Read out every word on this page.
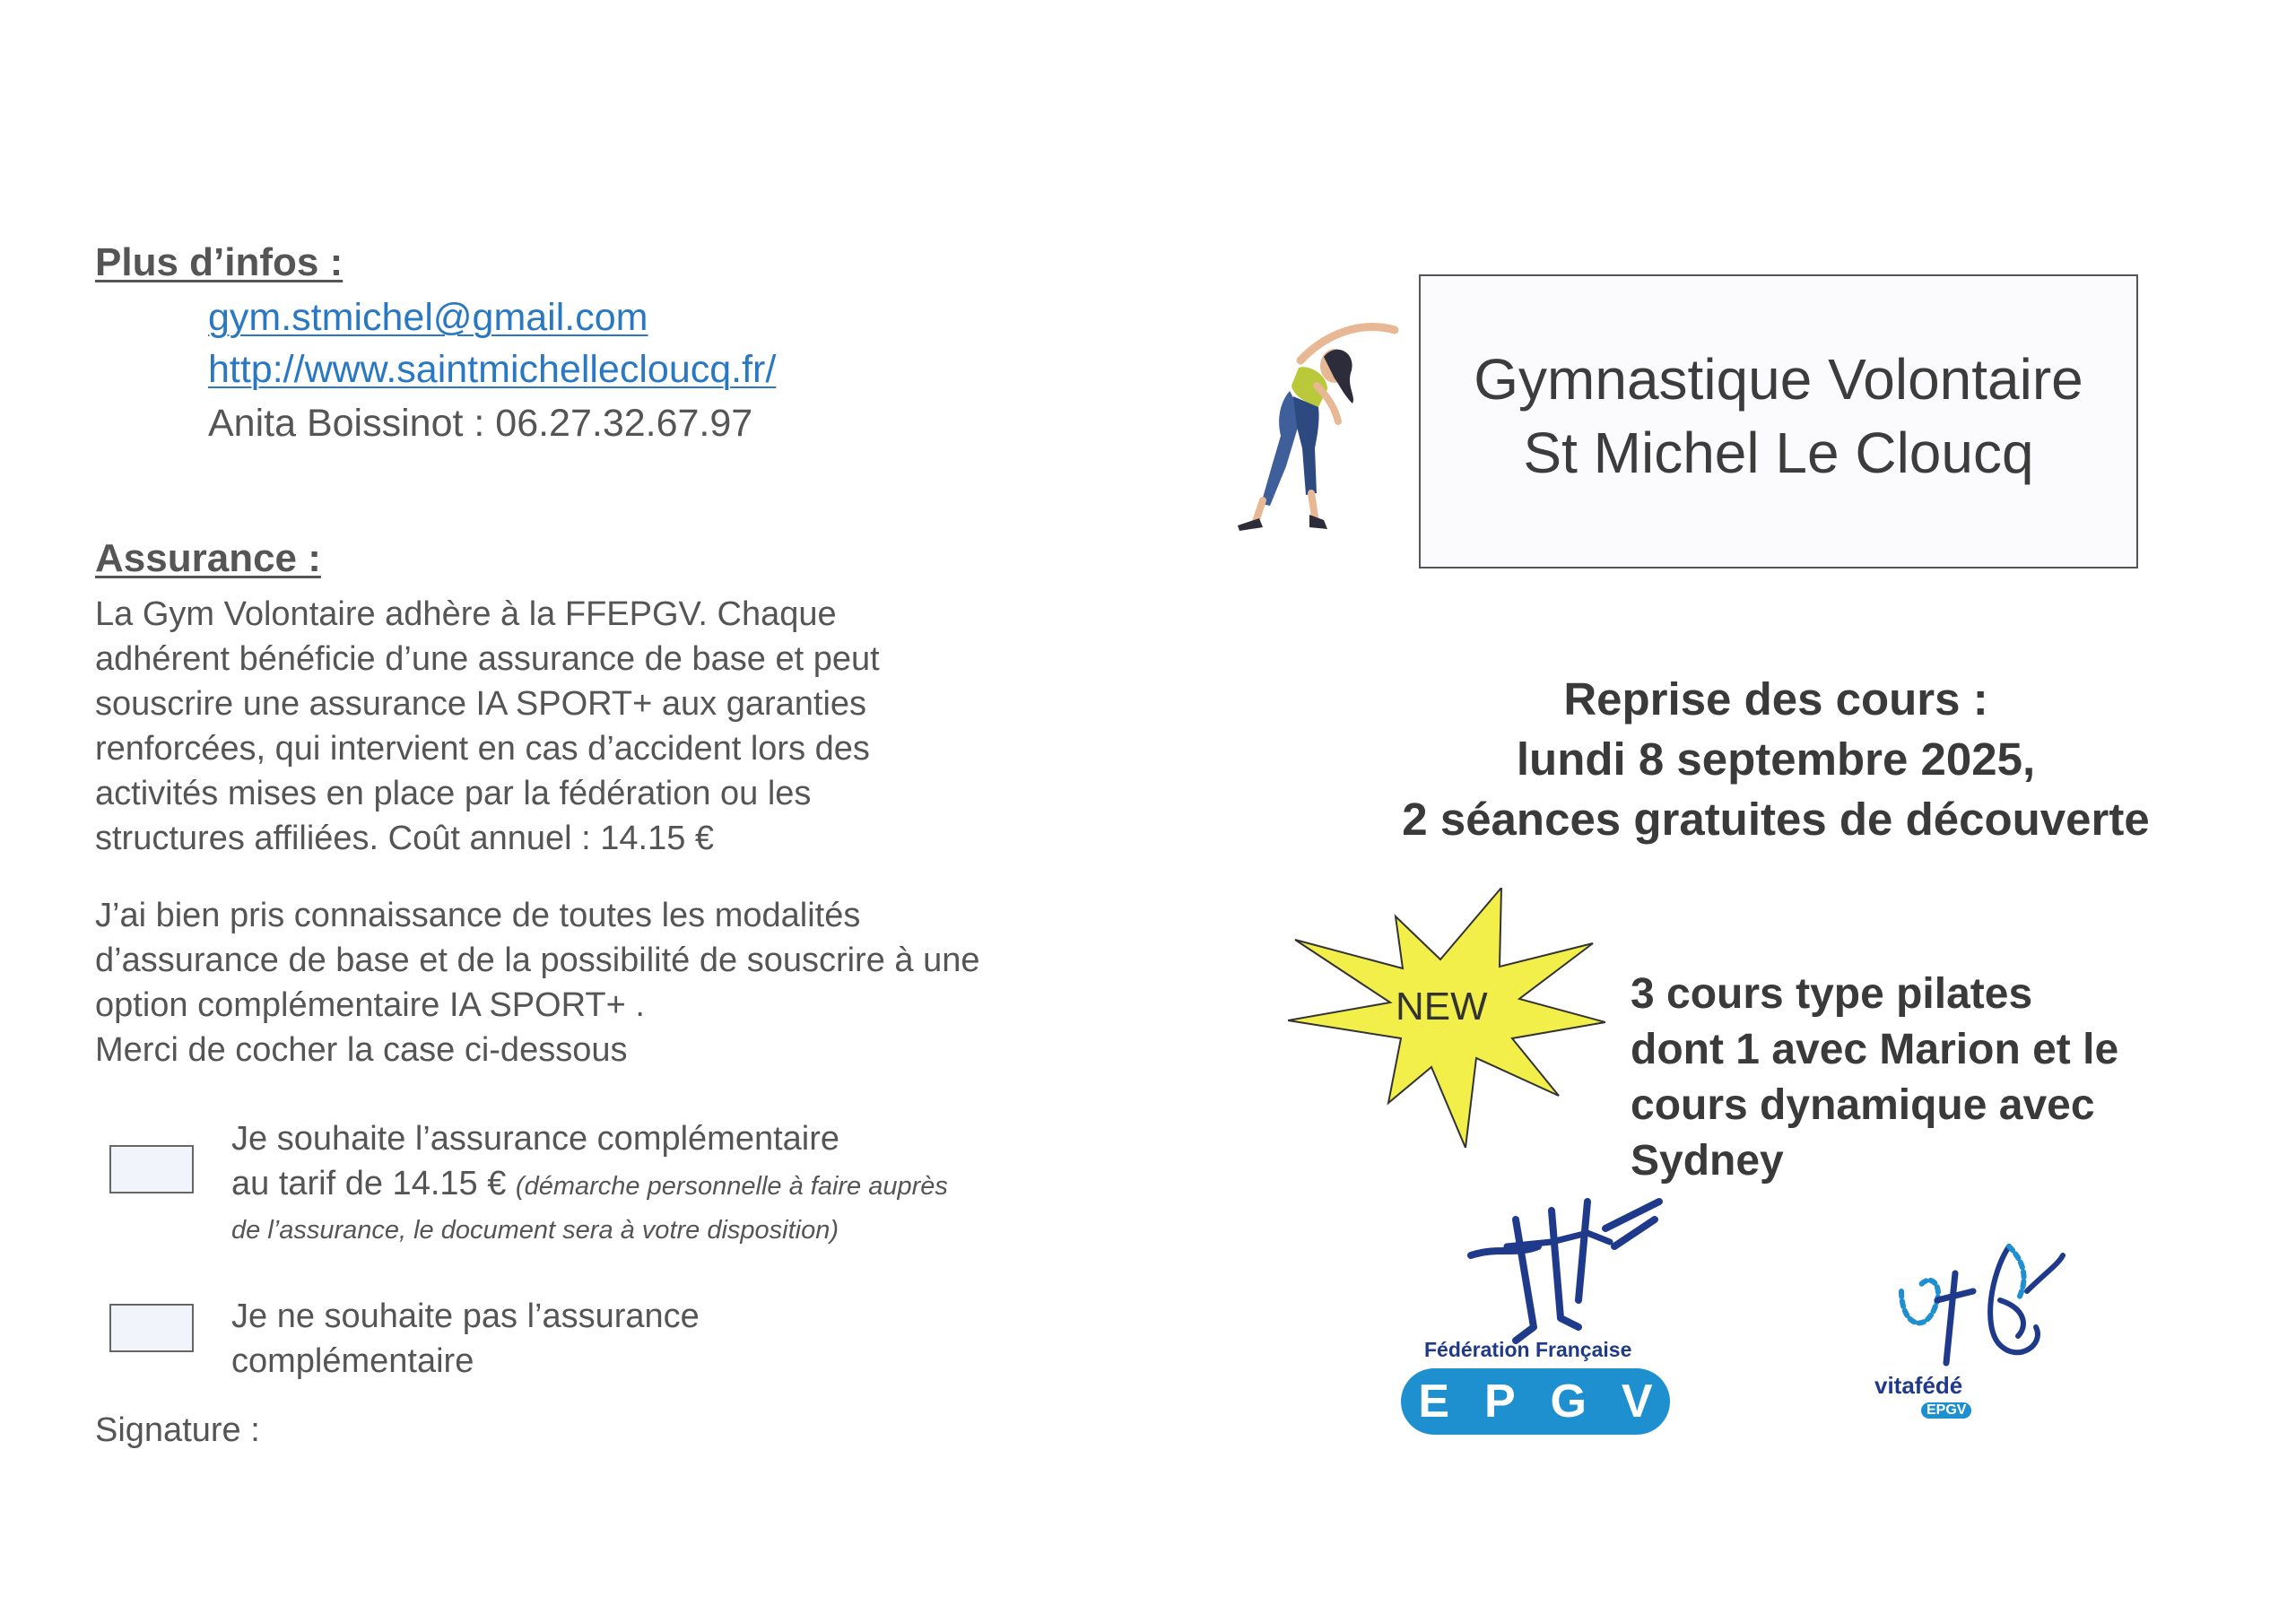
Plus d’infos :
gym.stmichel@gmail.com
http://www.saintmichellecloucq.fr/
Anita Boissinot : 06.27.32.67.97
Assurance :
La Gym Volontaire adhère à la FFEPGV. Chaque
adhérent bénéficie d’une assurance de base et peut
souscrire une assurance IA SPORT+ aux garanties
renforcées, qui intervient en cas d’accident lors des
activités mises en place par la fédération ou les
structures affiliées. Coût annuel : 14.15 €
J’ai bien pris connaissance de toutes les modalités
d’assurance de base et de la possibilité de souscrire à une
option complémentaire IA SPORT+ .
Merci de cocher la case ci-dessous
Je souhaite l’assurance complémentaire
au tarif de 14.15 € (démarche personnelle à faire auprès
de l’assurance, le document sera à votre disposition)
Je ne souhaite pas l’assurance
complémentaire
Signature :
Gymnastique Volontaire
St Michel Le Cloucq
Reprise des cours :
lundi 8 septembre 2025,
2 séances gratuites de découverte
NEW	3 cours type pilates
dont 1 avec Marion et le
cours dynamique avec
Sydney
Fédération Française
E P G V	vitafédé
EPGV
